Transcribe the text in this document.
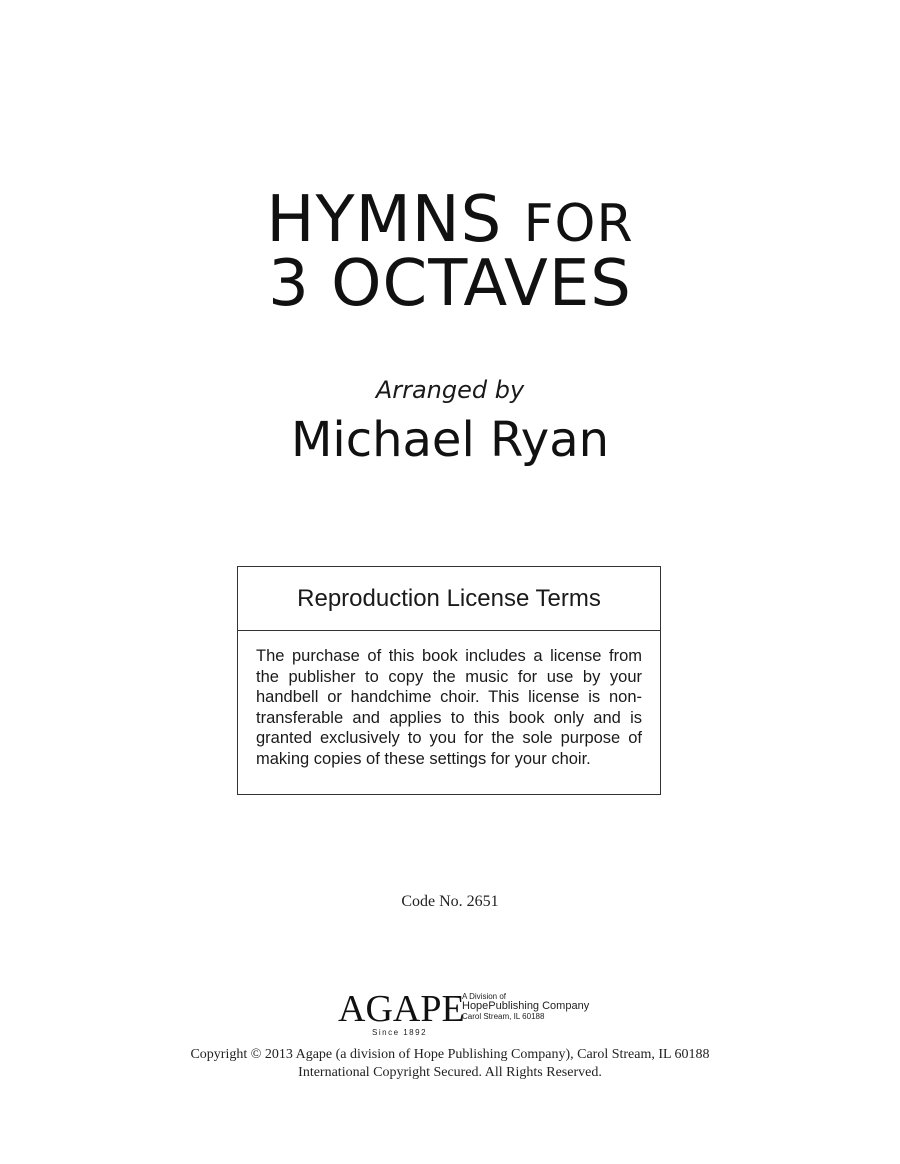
HYMNS FOR
3 OCTAVES
Arranged by
Michael Ryan
Reproduction License Terms
The purchase of this book includes a license from the publisher to copy the music for use by your handbell or handchime choir. This license is non-transferable and applies to this book only and is granted exclusively to you for the sole purpose of making copies of these settings for your choir.
Code No. 2651
AGAPE
Since 1892
A Division of
HopePublishing Company
Carol Stream, IL 60188
Copyright © 2013 Agape (a division of Hope Publishing Company), Carol Stream, IL 60188
International Copyright Secured. All Rights Reserved.
